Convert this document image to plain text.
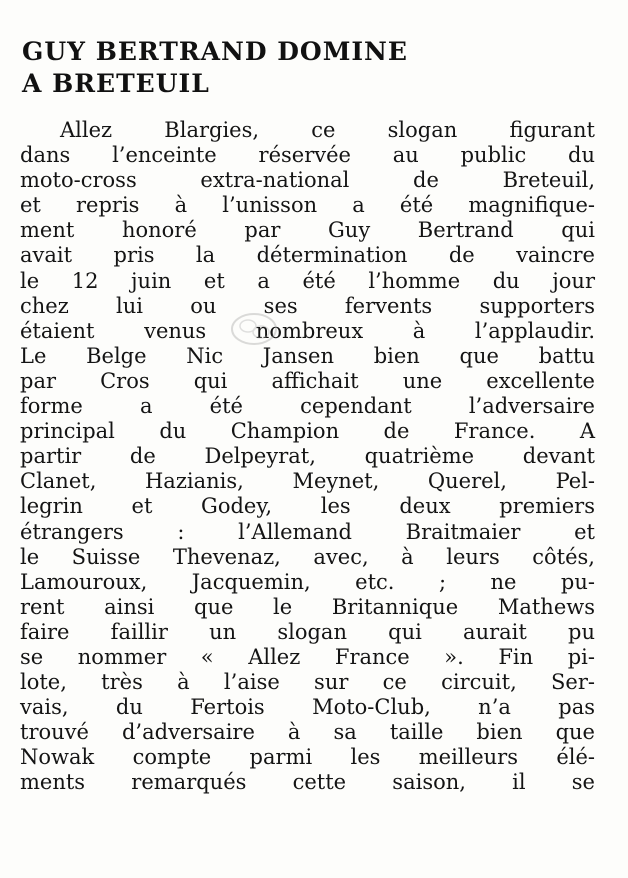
GUY BERTRAND DOMINE
A BRETEUIL
Allez Blargies, ce slogan figurant
dans l’enceinte réservée au public du
moto-cross extra-national de Breteuil,
et repris à l’unisson a été magnifique-
ment honoré par Guy Bertrand qui
avait pris la détermination de vaincre
le 12 juin et a été l’homme du jour
chez lui ou ses fervents supporters
étaient venus nombreux à l’applaudir.
Le Belge Nic Jansen bien que battu
par Cros qui affichait une excellente
forme a été cependant l’adversaire
principal du Champion de France. A
partir de Delpeyrat, quatrième devant
Clanet, Hazianis, Meynet, Querel, Pel-
legrin et Godey, les deux premiers
étrangers : l’Allemand Braitmaier et
le Suisse Thevenaz, avec, à leurs côtés,
Lamouroux, Jacquemin, etc. ; ne pu-
rent ainsi que le Britannique Mathews
faire faillir un slogan qui aurait pu
se nommer « Allez France ». Fin pi-
lote, très à l’aise sur ce circuit, Ser-
vais, du Fertois Moto-Club, n’a pas
trouvé d’adversaire à sa taille bien que
Nowak compte parmi les meilleurs élé-
ments remarqués cette saison, il se
